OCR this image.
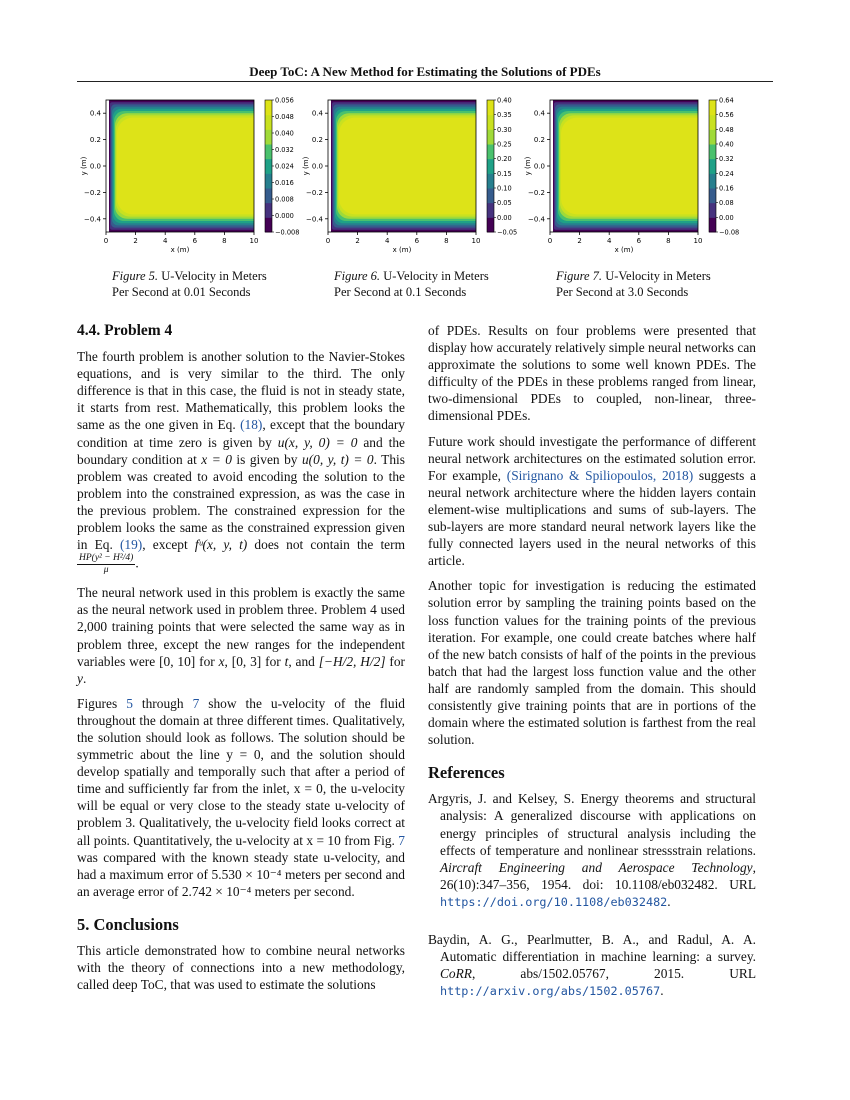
Deep ToC: A New Method for Estimating the Solutions of PDEs
0.4
0.2
0.0
−0.2
−0.4
0	2	4	6	8	10
x (m)
y (m)
0.056
0.048
0.040
0.032
0.024
0.016
0.008
0.000
−0.008
0.4
0.2
0.0
−0.2
−0.4
0	2	4	6	8	10
x (m)
y (m)
0.40
0.35
0.30
0.25
0.20
0.15
0.10
0.05
0.00
−0.05
0.4
0.2
0.0
−0.2
−0.4
0	2	4	6	8	10
x (m)
y (m)
0.64
0.56
0.48
0.40
0.32
0.24
0.16
0.08
0.00
−0.08
Figure 5. U-Velocity in Meters
Per Second at 0.01 Seconds
Figure 6. U-Velocity in Meters
Per Second at 0.1 Seconds
Figure 7. U-Velocity in Meters
Per Second at 3.0 Seconds
4.4. Problem 4

The fourth problem is another solution to the Navier-Stokes equations, and is very similar to the third. The only difference is that in this case, the fluid is not in steady state, it starts from rest. Mathematically, this problem looks the same as the one given in Eq. (18), except that the boundary condition at time zero is given by u(x, y, 0) = 0 and the boundary condition at x = 0 is given by u(0, y, t) = 0. This problem was created to avoid encoding the solution to the problem into the constrained expression, as was the case in the previous problem. The constrained expression for the problem looks the same as the constrained expression given in Eq. (19), except fᵘ(x, y, t) does not contain the term
$\frac{\text{HP(y² − H²/4)}}{\mu}$ .

The neural network used in this problem is exactly the same as the neural network used in problem three. Problem 4 used 2,000 training points that were selected the same way as in problem three, except the new ranges for the independent variables were [0, 10] for x, [0, 3] for t, and [−H/2, H/2] for y.

Figures 5 through 7 show the u-velocity of the fluid throughout the domain at three different times. Qualitatively, the solution should look as follows. The solution should be symmetric about the line y = 0, and the solution should develop spatially and temporally such that after a period of time and sufficiently far from the inlet, x = 0, the u-velocity will be equal or very close to the steady state u-velocity of problem 3. Qualitatively, the u-velocity field looks correct at all points. Quantitatively, the u-velocity at x = 10 from Fig. 7 was compared with the known steady state u-velocity, and had a maximum error of 5.530 × 10⁻⁴ meters per second and an average error of 2.742 × 10⁻⁴ meters per second.

5. Conclusions

This article demonstrated how to combine neural networks with the theory of connections into a new methodology, called deep ToC, that was used to estimate the solutions

of PDEs. Results on four problems were presented that display how accurately relatively simple neural networks can approximate the solutions to some well known PDEs. The difficulty of the PDEs in these problems ranged from linear, two-dimensional PDEs to coupled, non-linear, three-dimensional PDEs.

Future work should investigate the performance of different neural network architectures on the estimated solution error. For example, (Sirignano & Spiliopoulos, 2018) suggests a neural network architecture where the hidden layers contain element-wise multiplications and sums of sub-layers. The sub-layers are more standard neural network layers like the fully connected layers used in the neural networks of this article.

Another topic for investigation is reducing the estimated solution error by sampling the training points based on the loss function values for the training points of the previous iteration. For example, one could create batches where half of the new batch consists of half of the points in the previous batch that had the largest loss function value and the other half are randomly sampled from the domain. This should consistently give training points that are in portions of the domain where the estimated solution is farthest from the real solution.

References

Argyris, J. and Kelsey, S. Energy theorems and structural analysis: A generalized discourse with applications on energy principles of structural analysis including the effects of temperature and nonlinear stressstrain relations. Aircraft Engineering and Aerospace Technology, 26(10):347–356, 1954. doi: 10.1108/eb032482. URL https://doi.org/10.1108/eb032482.

Baydin, A. G., Pearlmutter, B. A., and Radul, A. A. Automatic differentiation in machine learning: a survey. CoRR, abs/1502.05767, 2015. URL http://arxiv.org/abs/1502.05767.
